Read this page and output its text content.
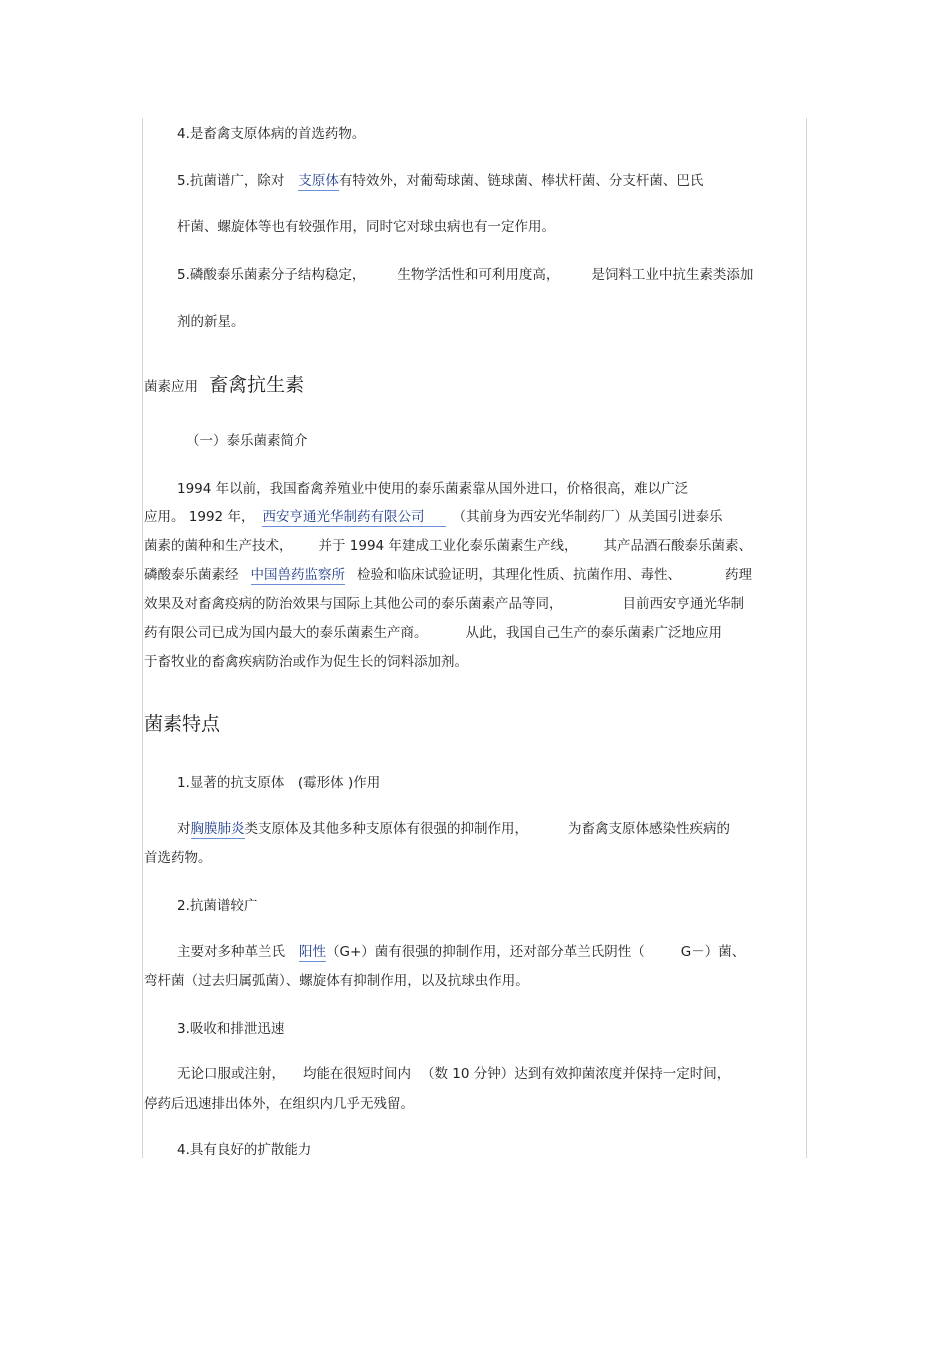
4.是畜禽支原体病的首选药物。

5.抗菌谱广，除对 支原体有特效外，对葡萄球菌、链球菌、棒状杆菌、分支杆菌、巴氏

杆菌、螺旋体等也有较强作用，同时它对球虫病也有一定作用。

5.磷酸泰乐菌素分子结构稳定， 生物学活性和可利用度高， 是饲料工业中抗生素类添加

剂的新星。

菌素应用 畜禽抗生素

（一）泰乐菌素简介

1994 年以前，我国畜禽养殖业中使用的泰乐菌素靠从国外进口，价格很高，难以广泛

应用。 1992 年， 西安亨通光华制药有限公司 （其前身为西安光华制药厂）从美国引进泰乐

菌素的菌种和生产技术， 并于 1994 年建成工业化泰乐菌素生产线， 其产品酒石酸泰乐菌素、

磷酸泰乐菌素经 中国兽药监察所 检验和临床试验证明，其理化性质、抗菌作用、毒性、	药理

效果及对畜禽疫病的防治效果与国际上其他公司的泰乐菌素产品等同，	目前西安亨通光华制

药有限公司已成为国内最大的泰乐菌素生产商。	从此，我国自己生产的泰乐菌素广泛地应用

于畜牧业的畜禽疾病防治或作为促生长的饲料添加剂。

菌素特点

1.显著的抗支原体　(霉形体 )作用

对胸膜肺炎类支原体及其他多种支原体有很强的抑制作用，	为畜禽支原体感染性疾病的

首选药物。

2.抗菌谱较广

主要对多种革兰氏 阳性（G+）菌有很强的抑制作用，还对部分革兰氏阴性（	G－）菌、

弯杆菌（过去归属弧菌）、螺旋体有抑制作用，以及抗球虫作用。

3.吸收和排泄迅速

无论口服或注射， 均能在很短时间内 （数 10 分钟）达到有效抑菌浓度并保持一定时间，

停药后迅速排出体外，在组织内几乎无残留。

4.具有良好的扩散能力
